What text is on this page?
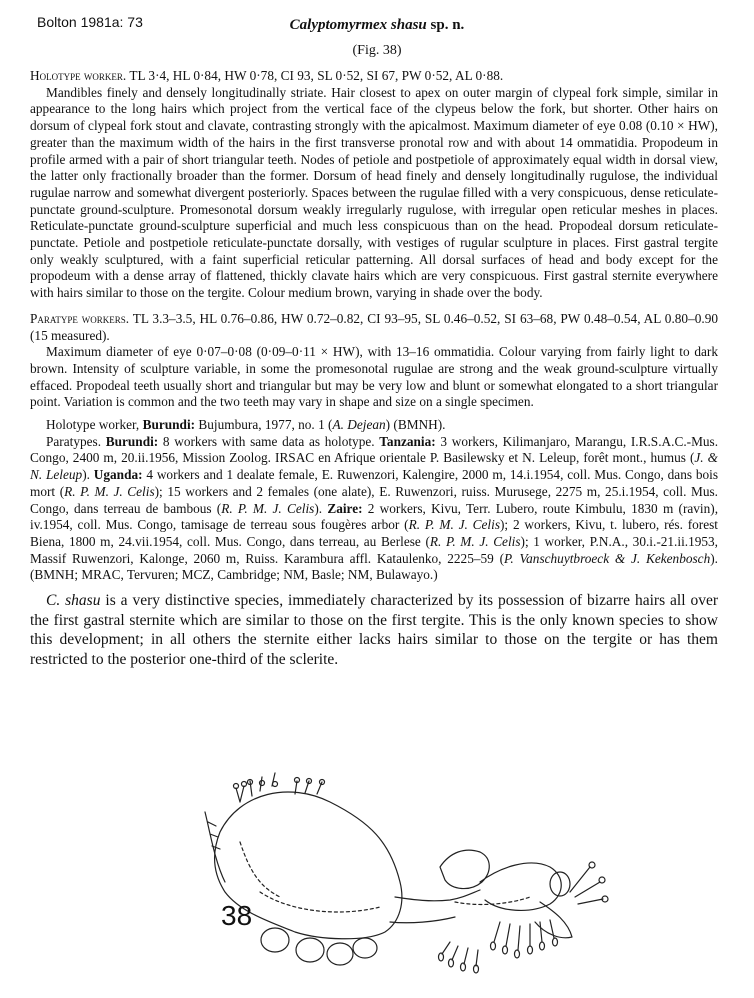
Bolton 1981a: 73	Calyptomyrmex shasu sp. n.
(Fig. 38)

Holotype worker. TL 3·4, HL 0·84, HW 0·78, CI 93, SL 0·52, SI 67, PW 0·52, AL 0·88.

Mandibles finely and densely longitudinally striate. Hair closest to apex on outer margin of clypeal fork simple, similar in appearance to the long hairs which project from the vertical face of the clypeus below the fork, but shorter. Other hairs on dorsum of clypeal fork stout and clavate, contrasting strongly with the apicalmost. Maximum diameter of eye 0.08 (0.10 × HW), greater than the maximum width of the hairs in the first transverse pronotal row and with about 14 ommatidia. Propodeum in profile armed with a pair of short triangular teeth. Nodes of petiole and postpetiole of approximately equal width in dorsal view, the latter only fractionally broader than the former. Dorsum of head finely and densely longitudinally rugulose, the individual rugulae narrow and somewhat divergent posteriorly. Spaces between the rugulae filled with a very conspicuous, dense reticulate-punctate ground-sculpture. Promesonotal dorsum weakly irregularly rugulose, with irregular open reticular meshes in places. Reticulate-punctate ground-sculpture superficial and much less conspicuous than on the head. Propodeal dorsum reticulate-punctate. Petiole and postpetiole reticulate-punctate dorsally, with vestiges of rugular sculpture in places. First gastral tergite only weakly sculptured, with a faint superficial reticular patterning. All dorsal surfaces of head and body except for the propodeum with a dense array of flattened, thickly clavate hairs which are very conspicuous. First gastral sternite everywhere with hairs similar to those on the tergite. Colour medium brown, varying in shade over the body.

Paratype workers. TL 3.3–3.5, HL 0.76–0.86, HW 0.72–0.82, CI 93–95, SL 0.46–0.52, SI 63–68, PW 0.48–0.54, AL 0.80–0.90 (15 measured).

Maximum diameter of eye 0·07–0·08 (0·09–0·11 × HW), with 13–16 ommatidia. Colour varying from fairly light to dark brown. Intensity of sculpture variable, in some the promesonotal rugulae are strong and the weak ground-sculpture virtually effaced. Propodeal teeth usually short and triangular but may be very low and blunt or somewhat elongated to a short triangular point. Variation is common and the two teeth may vary in shape and size on a single specimen.

Holotype worker, Burundi: Bujumbura, 1977, no. 1 (A. Dejean) (BMNH).

Paratypes. Burundi: 8 workers with same data as holotype. Tanzania: 3 workers, Kilimanjaro, Marangu, I.R.S.A.C.-Mus. Congo, 2400 m, 20.ii.1956, Mission Zoolog. IRSAC en Afrique orientale P. Basilewsky et N. Leleup, forêt mont., humus (J. & N. Leleup). Uganda: 4 workers and 1 dealate female, E. Ruwenzori, Kalengire, 2000 m, 14.i.1954, coll. Mus. Congo, dans bois mort (R. P. M. J. Celis); 15 workers and 2 females (one alate), E. Ruwenzori, ruiss. Murusege, 2275 m, 25.i.1954, coll. Mus. Congo, dans terreau de bambous (R. P. M. J. Celis). Zaire: 2 workers, Kivu, Terr. Lubero, route Kimbulu, 1830 m (ravin), iv.1954, coll. Mus. Congo, tamisage de terreau sous fougères arbor (R. P. M. J. Celis); 2 workers, Kivu, t. lubero, rés. forest Biena, 1800 m, 24.vii.1954, coll. Mus. Congo, dans terreau, au Berlese (R. P. M. J. Celis); 1 worker, P.N.A., 30.i.-21.ii.1953, Massif Ruwenzori, Kalonge, 2060 m, Ruiss. Karambura affl. Kataulenko, 2225–59 (P. Vanschuytbroeck & J. Kekenbosch). (BMNH; MRAC, Tervuren; MCZ, Cambridge; NM, Basle; NM, Bulawayo.)

C. shasu is a very distinctive species, immediately characterized by its possession of bizarre hairs all over the first gastral sternite which are similar to those on the first tergite. This is the only known species to show this development; in all others the sternite either lacks hairs similar to those on the tergite or has them restricted to the posterior one-third of the sclerite.

38
